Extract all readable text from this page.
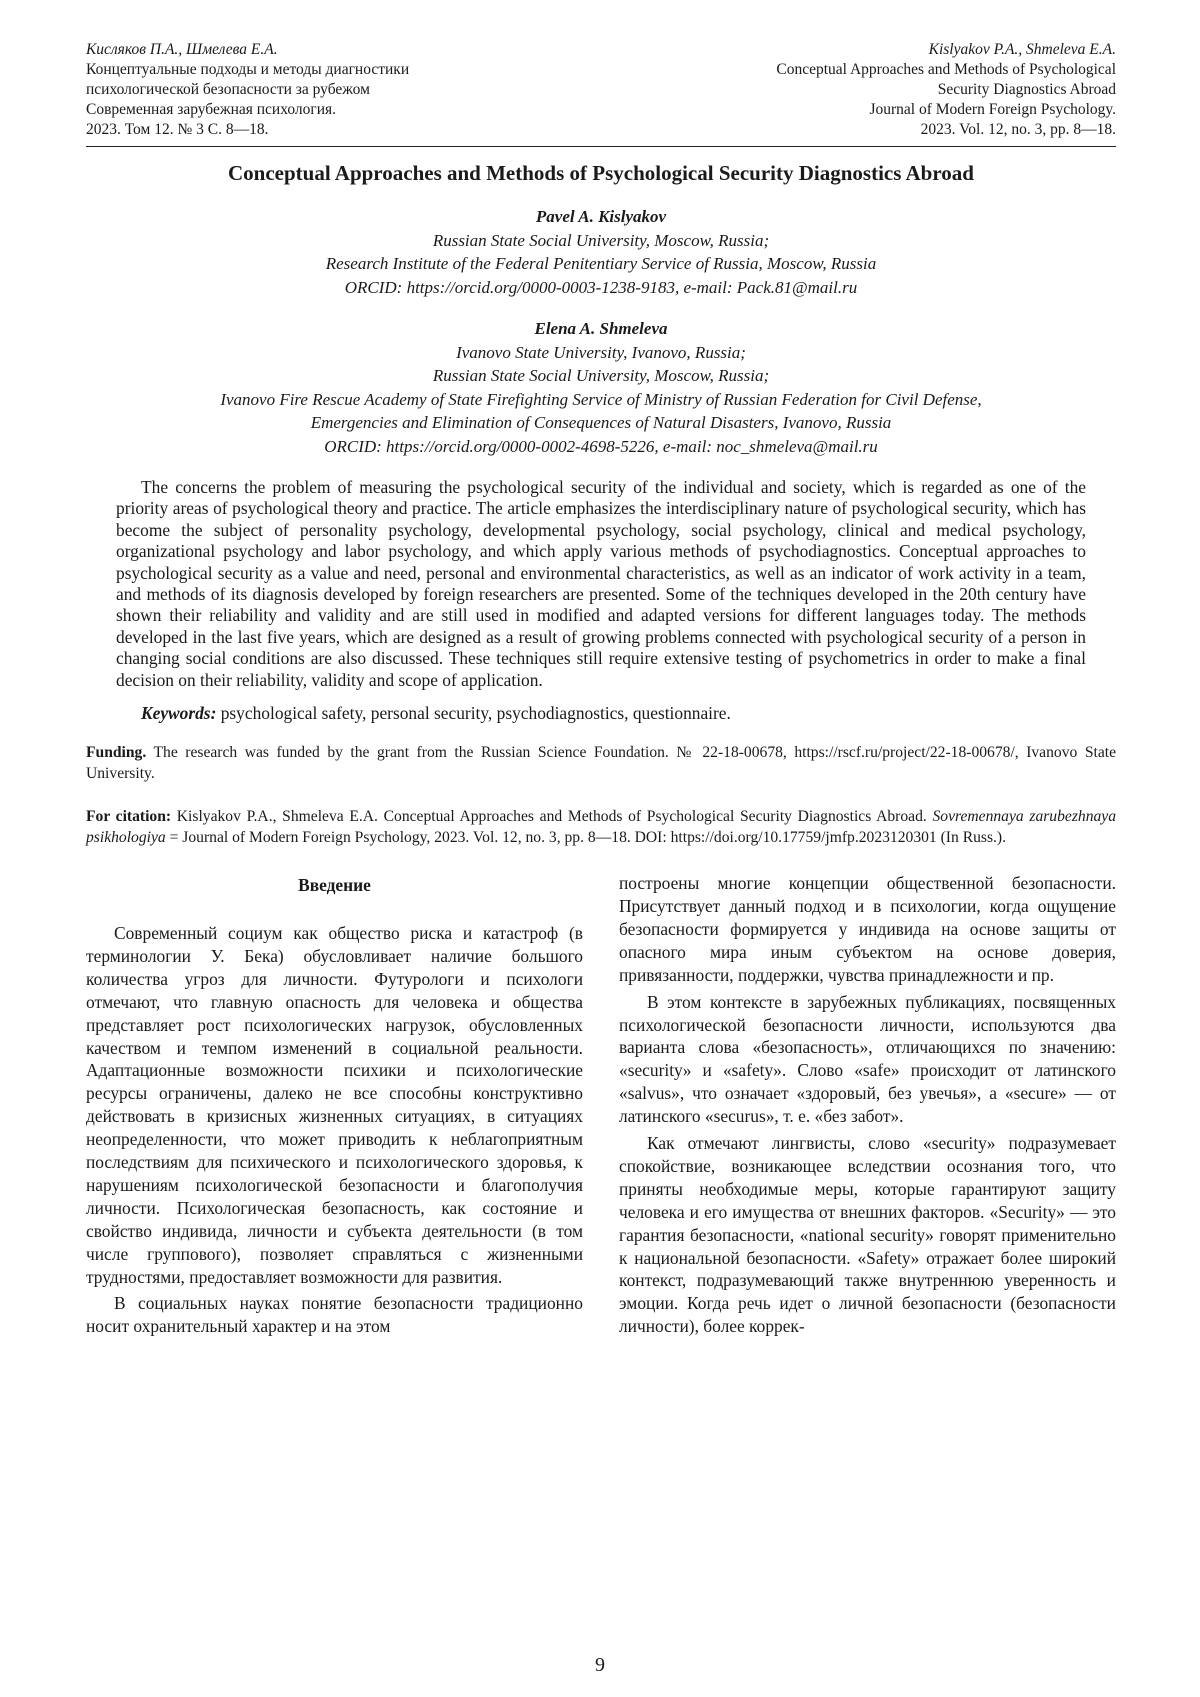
Кисляков П.А., Шмелева Е.А.
Концептуальные подходы и методы диагностики
психологической безопасности за рубежом
Современная зарубежная психология.
2023. Том 12. № 3 С. 8—18.
Kislyakov P.A., Shmeleva E.A.
Conceptual Approaches and Methods of Psychological
Security Diagnostics Abroad
Journal of Modern Foreign Psychology.
2023. Vol. 12, no. 3, pp. 8—18.
Conceptual Approaches and Methods of Psychological Security Diagnostics Abroad
Pavel A. Kislyakov
Russian State Social University, Moscow, Russia;
Research Institute of the Federal Penitentiary Service of Russia, Moscow, Russia
ORCID: https://orcid.org/0000-0003-1238-9183, e-mail: Pack.81@mail.ru
Elena A. Shmeleva
Ivanovo State University, Ivanovo, Russia;
Russian State Social University, Moscow, Russia;
Ivanovo Fire Rescue Academy of State Firefighting Service of Ministry of Russian Federation for Civil Defense,
Emergencies and Elimination of Consequences of Natural Disasters, Ivanovo, Russia
ORCID: https://orcid.org/0000-0002-4698-5226, e-mail: noc_shmeleva@mail.ru
The concerns the problem of measuring the psychological security of the individual and society, which is regarded as one of the priority areas of psychological theory and practice. The article emphasizes the interdisciplinary nature of psychological security, which has become the subject of personality psychology, developmental psychology, social psychology, clinical and medical psychology, organizational psychology and labor psychology, and which apply various methods of psychodiagnostics. Conceptual approaches to psychological security as a value and need, personal and environmental characteristics, as well as an indicator of work activity in a team, and methods of its diagnosis developed by foreign researchers are presented. Some of the techniques developed in the 20th century have shown their reliability and validity and are still used in modified and adapted versions for different languages today. The methods developed in the last five years, which are designed as a result of growing problems connected with psychological security of a person in changing social conditions are also discussed. These techniques still require extensive testing of psychometrics in order to make a final decision on their reliability, validity and scope of application.
Keywords: psychological safety, personal security, psychodiagnostics, questionnaire.
Funding. The research was funded by the grant from the Russian Science Foundation. № 22-18-00678, https://rscf.ru/project/22-18-00678/, Ivanovo State University.
For citation: Kislyakov P.A., Shmeleva E.A. Conceptual Approaches and Methods of Psychological Security Diagnostics Abroad. Sovremennaya zarubezhnaya psikhologiya = Journal of Modern Foreign Psychology, 2023. Vol. 12, no. 3, pp. 8—18. DOI: https://doi.org/10.17759/jmfp.2023120301 (In Russ.).
Введение

Современный социум как общество риска и катастроф (в терминологии У. Бека) обусловливает наличие большого количества угроз для личности. Футурологи и психологи отмечают, что главную опасность для человека и общества представляет рост психологических нагрузок, обусловленных качеством и темпом изменений в социальной реальности. Адаптационные возможности психики и психологические ресурсы ограничены, далеко не все способны конструктивно действовать в кризисных жизненных ситуациях, в ситуациях неопределенности, что может приводить к неблагоприятным последствиям для психического и психологического здоровья, к нарушениям психологической безопасности и благополучия личности. Психологическая безопасность, как состояние и свойство индивида, личности и субъекта деятельности (в том числе группового), позволяет справляться с жизненными трудностями, предоставляет возможности для развития.

В социальных науках понятие безопасности традиционно носит охранительный характер и на этом

построены многие концепции общественной безопасности. Присутствует данный подход и в психологии, когда ощущение безопасности формируется у индивида на основе защиты от опасного мира иным субъектом на основе доверия, привязанности, поддержки, чувства принадлежности и пр.

В этом контексте в зарубежных публикациях, посвященных психологической безопасности личности, используются два варианта слова «безопасность», отличающихся по значению: «security» и «safety». Слово «safe» происходит от латинского «salvus», что означает «здоровый, без увечья», а «secure» — от латинского «securus», т. е. «без забот».

Как отмечают лингвисты, слово «security» подразумевает спокойствие, возникающее вследствии осознания того, что приняты необходимые меры, которые гарантируют защиту человека и его имущества от внешних факторов. «Security» — это гарантия безопасности, «national security» говорят применительно к национальной безопасности. «Safety» отражает более широкий контекст, подразумевающий также внутреннюю уверенность и эмоции. Когда речь идет о личной безопасности (безопасности личности), более коррек-

9
